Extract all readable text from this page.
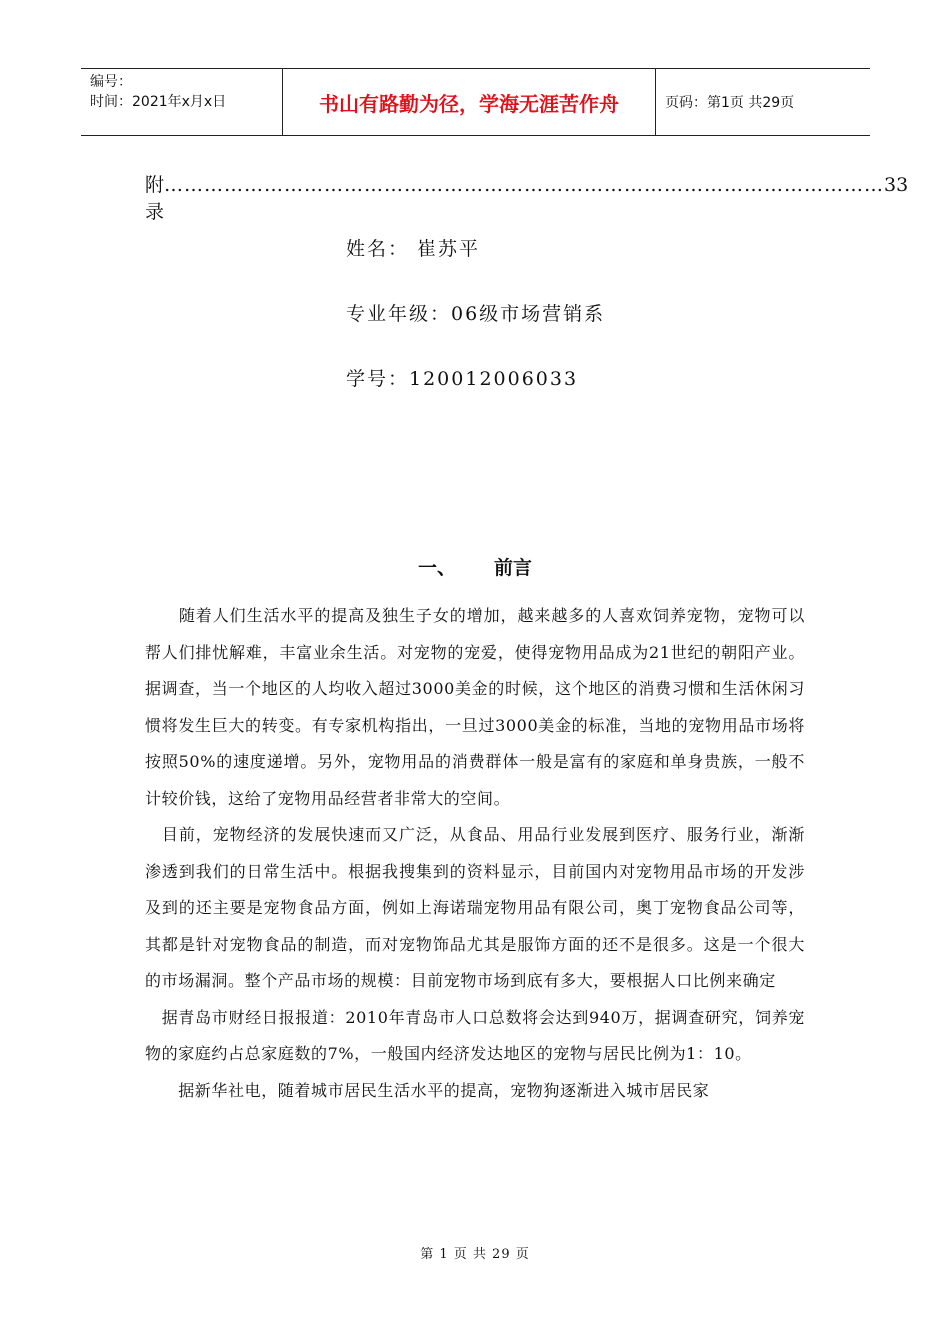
编号：
时间：2021年x月x日	书山有路勤为径，学海无涯苦作舟	页码：第1页 共29页
附录
……………………………………………………………………………………………… 33
姓名： 崔苏平
专业年级：06级市场营销系
学号：120012006033
一、 前言

　　随着人们生活水平的提高及独生子女的增加，越来越多的人喜欢饲养宠物，宠物可以帮人们排忧解难，丰富业余生活。对宠物的宠爱，使得宠物用品成为21世纪的朝阳产业。据调查，当一个地区的人均收入超过3000美金的时候，这个地区的消费习惯和生活休闲习惯将发生巨大的转变。有专家机构指出，一旦过3000美金的标准，当地的宠物用品市场将按照50%的速度递增。另外，宠物用品的消费群体一般是富有的家庭和单身贵族，一般不计较价钱，这给了宠物用品经营者非常大的空间。

　目前，宠物经济的发展快速而又广泛，从食品、用品行业发展到医疗、服务行业，渐渐渗透到我们的日常生活中。根据我搜集到的资料显示，目前国内对宠物用品市场的开发涉及到的还主要是宠物食品方面，例如上海诺瑞宠物用品有限公司，奥丁宠物食品公司等，其都是针对宠物食品的制造，而对宠物饰品尤其是服饰方面的还不是很多。这是一个很大的市场漏洞。整个产品市场的规模：目前宠物市场到底有多大，要根据人口比例来确定

　据青岛市财经日报报道：2010年青岛市人口总数将会达到940万，据调查研究，饲养宠物的家庭约占总家庭数的7%，一般国内经济发达地区的宠物与居民比例为1：10。

　　据新华社电，随着城市居民生活水平的提高，宠物狗逐渐进入城市居民家

第 1 页 共 29 页
